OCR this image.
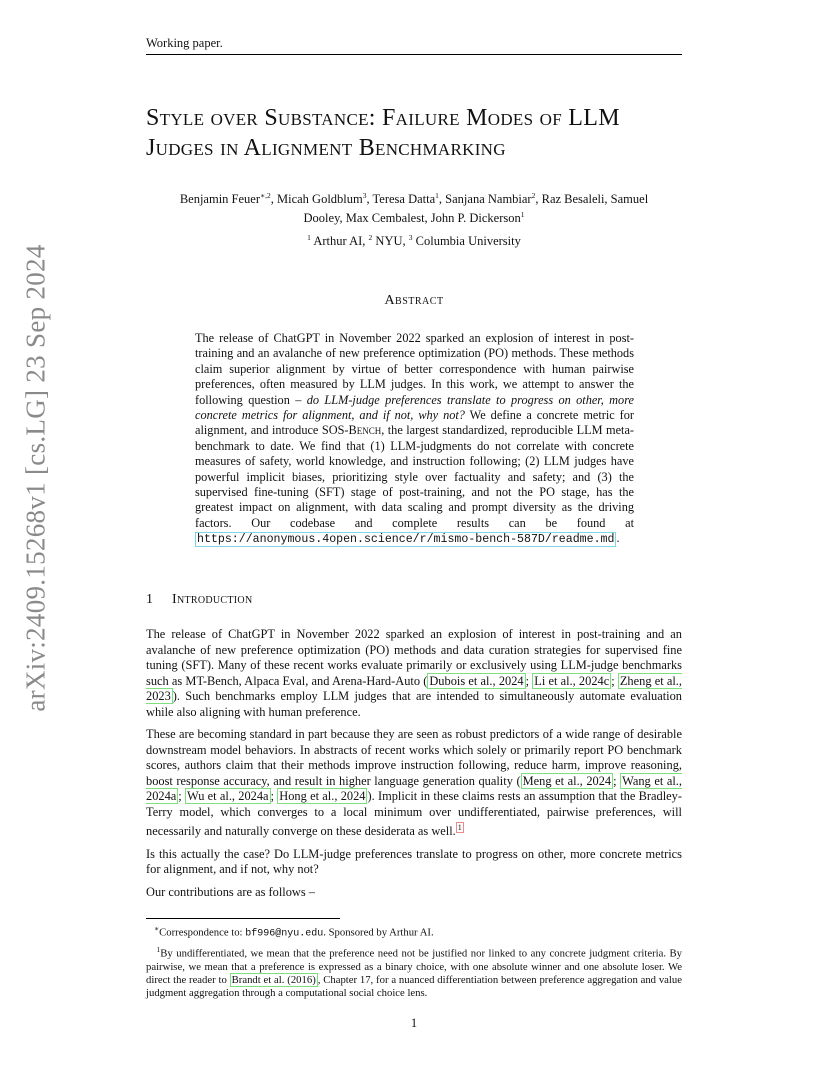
Working paper.
arXiv:2409.15268v1 [cs.LG] 23 Sep 2024
Style over Substance: Failure Modes of LLM
Judges in Alignment Benchmarking
Benjamin Feuer$^{∗,2}$, Micah Goldblum$^3$, Teresa Datta$^1$, Sanjana Nambiar$^2$, Raz Besaleli, Samuel
Dooley, Max Cembalest, John P. Dickerson$^1$
$^1$ Arthur AI, $^2$ NYU, $^3$ Columbia University
Abstract
The release of ChatGPT in November 2022 sparked an explosion of interest in post-training and an avalanche of new preference optimization (PO) methods. These methods claim superior alignment by virtue of better correspondence with human pairwise preferences, often measured by LLM judges. In this work, we attempt to answer the following question – do LLM-judge preferences translate to progress on other, more concrete metrics for alignment, and if not, why not? We define a concrete metric for alignment, and introduce SOS-Bench, the largest standardized, reproducible LLM meta-benchmark to date. We find that (1) LLM-judgments do not correlate with concrete measures of safety, world knowledge, and instruction following; (2) LLM judges have powerful implicit biases, prioritizing style over factuality and safety; and (3) the supervised fine-tuning (SFT) stage of post-training, and not the PO stage, has the greatest impact on alignment, with data scaling and prompt diversity as the driving factors. Our codebase and complete results can be found at https://anonymous.4open.science/r/mismo-bench-587D/readme.md .
1 Introduction

The release of ChatGPT in November 2022 sparked an explosion of interest in post-training and an avalanche of new preference optimization (PO) methods and data curation strategies for supervised fine tuning (SFT). Many of these recent works evaluate primarily or exclusively using LLM-judge benchmarks such as MT-Bench, Alpaca Eval, and Arena-Hard-Auto ( Dubois et al., 2024 ; Li et al., 2024c ; Zheng et al., 2023 ). Such benchmarks employ LLM judges that are intended to simultaneously automate evaluation while also aligning with human preference.

These are becoming standard in part because they are seen as robust predictors of a wide range of desirable downstream model behaviors. In abstracts of recent works which solely or primarily report PO benchmark scores, authors claim that their methods improve instruction following, reduce harm, improve reasoning, boost response accuracy, and result in higher language generation quality ( Meng et al., 2024 ; Wang et al., 2024a ; Wu et al., 2024a ; Hong et al., 2024 ). Implicit in these claims rests an assumption that the Bradley-Terry model, which converges to a local minimum over undifferentiated, pairwise preferences, will necessarily and naturally converge on these desiderata as well. $^1$

Is this actually the case? Do LLM-judge preferences translate to progress on other, more concrete metrics for alignment, and if not, why not?

Our contributions are as follows –

∗Correspondence to: bf996@nyu.edu. Sponsored by Arthur AI.

$^1$By undifferentiated, we mean that the preference need not be justified nor linked to any concrete judgment criteria. By pairwise, we mean that a preference is expressed as a binary choice, with one absolute winner and one absolute loser. We direct the reader to Brandt et al. (2016) , Chapter 17, for a nuanced differentiation between preference aggregation and value judgment aggregation through a computational social choice lens.

1
